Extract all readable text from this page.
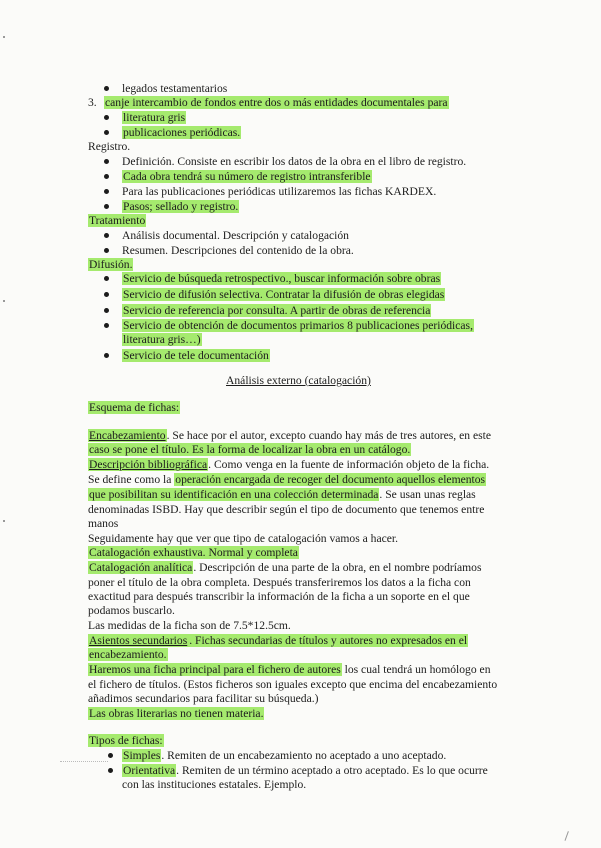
legados testamentarios
3. canje intercambio de fondos entre dos o más entidades documentales para
literatura gris
publicaciones periódicas.
Registro.
Definición. Consiste en escribir los datos de la obra en el libro de registro.
Cada obra tendrá su número de registro intransferible
Para las publicaciones periódicas utilizaremos las fichas KARDEX.
Pasos; sellado y registro.
Tratamiento
Análisis documental. Descripción y catalogación
Resumen. Descripciones del contenido de la obra.
Difusión.
Servicio de búsqueda retrospectivo., buscar información sobre obras
Servicio de difusión selectiva. Contratar la difusión de obras elegidas
Servicio de referencia por consulta. A partir de obras de referencia
Servicio de obtención de documentos primarios 8 publicaciones periódicas,
literatura gris…)
Servicio de tele documentación
Análisis externo (catalogación)
Esquema de fichas:
Encabezamiento. Se hace por el autor, excepto cuando hay más de tres autores, en este
caso se pone el título. Es la forma de localizar la obra en un catálogo.
Descripción bibliográfica. Como venga en la fuente de información objeto de la ficha.
Se define como la operación encargada de recoger del documento aquellos elementos
que posibilitan su identificación en una colección determinada. Se usan unas reglas
denominadas ISBD. Hay que describir según el tipo de documento que tenemos entre
manos
Seguidamente hay que ver que tipo de catalogación vamos a hacer.
Catalogación exhaustiva. Normal y completa
Catalogación analítica. Descripción de una parte de la obra, en el nombre podríamos
poner el título de la obra completa. Después transferiremos los datos a la ficha con
exactitud para después transcribir la información de la ficha a un soporte en el que
podamos buscarlo.
Las medidas de la ficha son de 7.5*12.5cm.
Asientos secundarios . Fichas secundarias de títulos y autores no expresados en el
encabezamiento.
Haremos una ficha principal para el fichero de autores los cual tendrá un homólogo en
el fichero de títulos. (Estos ficheros son iguales excepto que encima del encabezamiento
añadimos secundarios para facilitar su búsqueda.)
Las obras literarias no tienen materia.
Tipos de fichas:
Simples. Remiten de un encabezamiento no aceptado a uno aceptado.
Orientativa. Remiten de un término aceptado a otro aceptado. Es lo que ocurre
con las instituciones estatales. Ejemplo.
